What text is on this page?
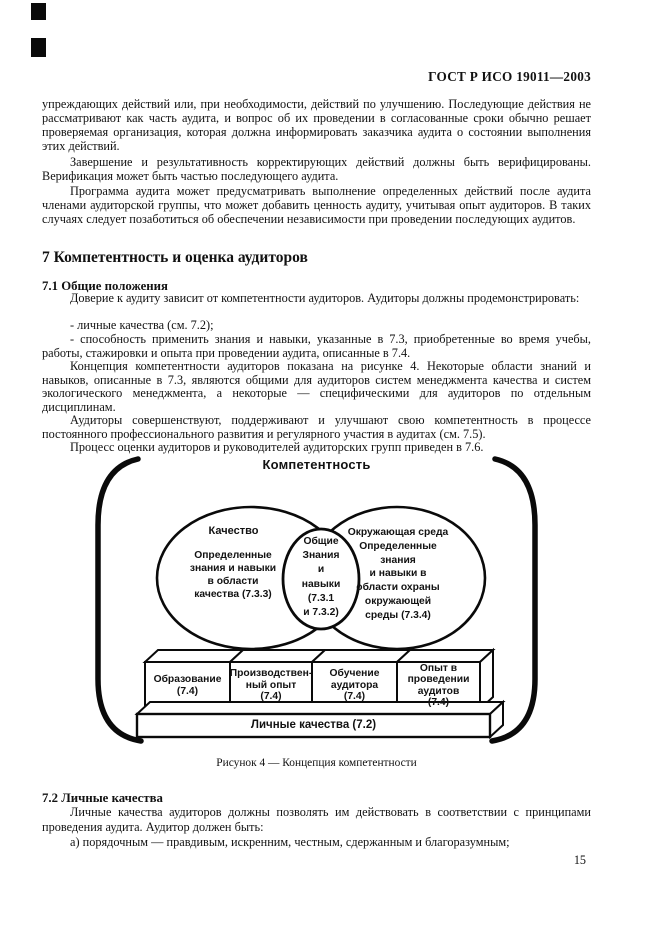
ГОСТ Р ИСО 19011—2003
упреждающих действий или, при необходимости, действий по улучшению. Последующие действия не рассматривают как часть аудита, и вопрос об их проведении в согласованные сроки обычно решает проверяемая организация, которая должна информировать заказчика аудита о состоянии выполнения этих действий.
Завершение и результативность корректирующих действий должны быть верифицированы. Верификация может быть частью последующего аудита.
Программа аудита может предусматривать выполнение определенных действий после аудита членами аудиторской группы, что может добавить ценность аудиту, учитывая опыт аудиторов. В таких случаях следует позаботиться об обеспечении независимости при проведении последующих аудитов.
7 Компетентность и оценка аудиторов
7.1 Общие положения
Доверие к аудиту зависит от компетентности аудиторов. Аудиторы должны продемонстрировать:
- личные качества (см. 7.2);
- способность применить знания и навыки, указанные в 7.3, приобретенные во время учебы, работы, стажировки и опыта при проведении аудита, описанные в 7.4.
Концепция компетентности аудиторов показана на рисунке 4. Некоторые области знаний и навыков, описанные в 7.3, являются общими для аудиторов систем менеджмента качества и систем экологического менеджмента, а некоторые — специфическими для аудиторов по отдельным дисциплинам.
Аудиторы совершенствуют, поддерживают и улучшают свою компетентность в процессе постоянного профессионального развития и регулярного участия в аудитах (см. 7.5).
Процесс оценки аудиторов и руководителей аудиторских групп приведен в 7.6.
Компетентность
Качество
Определенные
знания и навыки
в области
качества (7.3.3)
Общие
Знания
и
навыки
(7.3.1
и 7.3.2)
Окружающая среда
Определенные
знания
и навыки в
области охраны
окружающей
среды (7.3.4)
Образование
(7.4)
Производствен-
ный опыт
(7.4)
Обучение
аудитора
(7.4)
Опыт в
проведении
аудитов
(7.4)
Личные качества (7.2)
Рисунок 4 — Концепция компетентности
7.2 Личные качества
Личные качества аудиторов должны позволять им действовать в соответствии с принципами проведения аудита. Аудитор должен быть:
а) порядочным — правдивым, искренним, честным, сдержанным и благоразумным;
15
